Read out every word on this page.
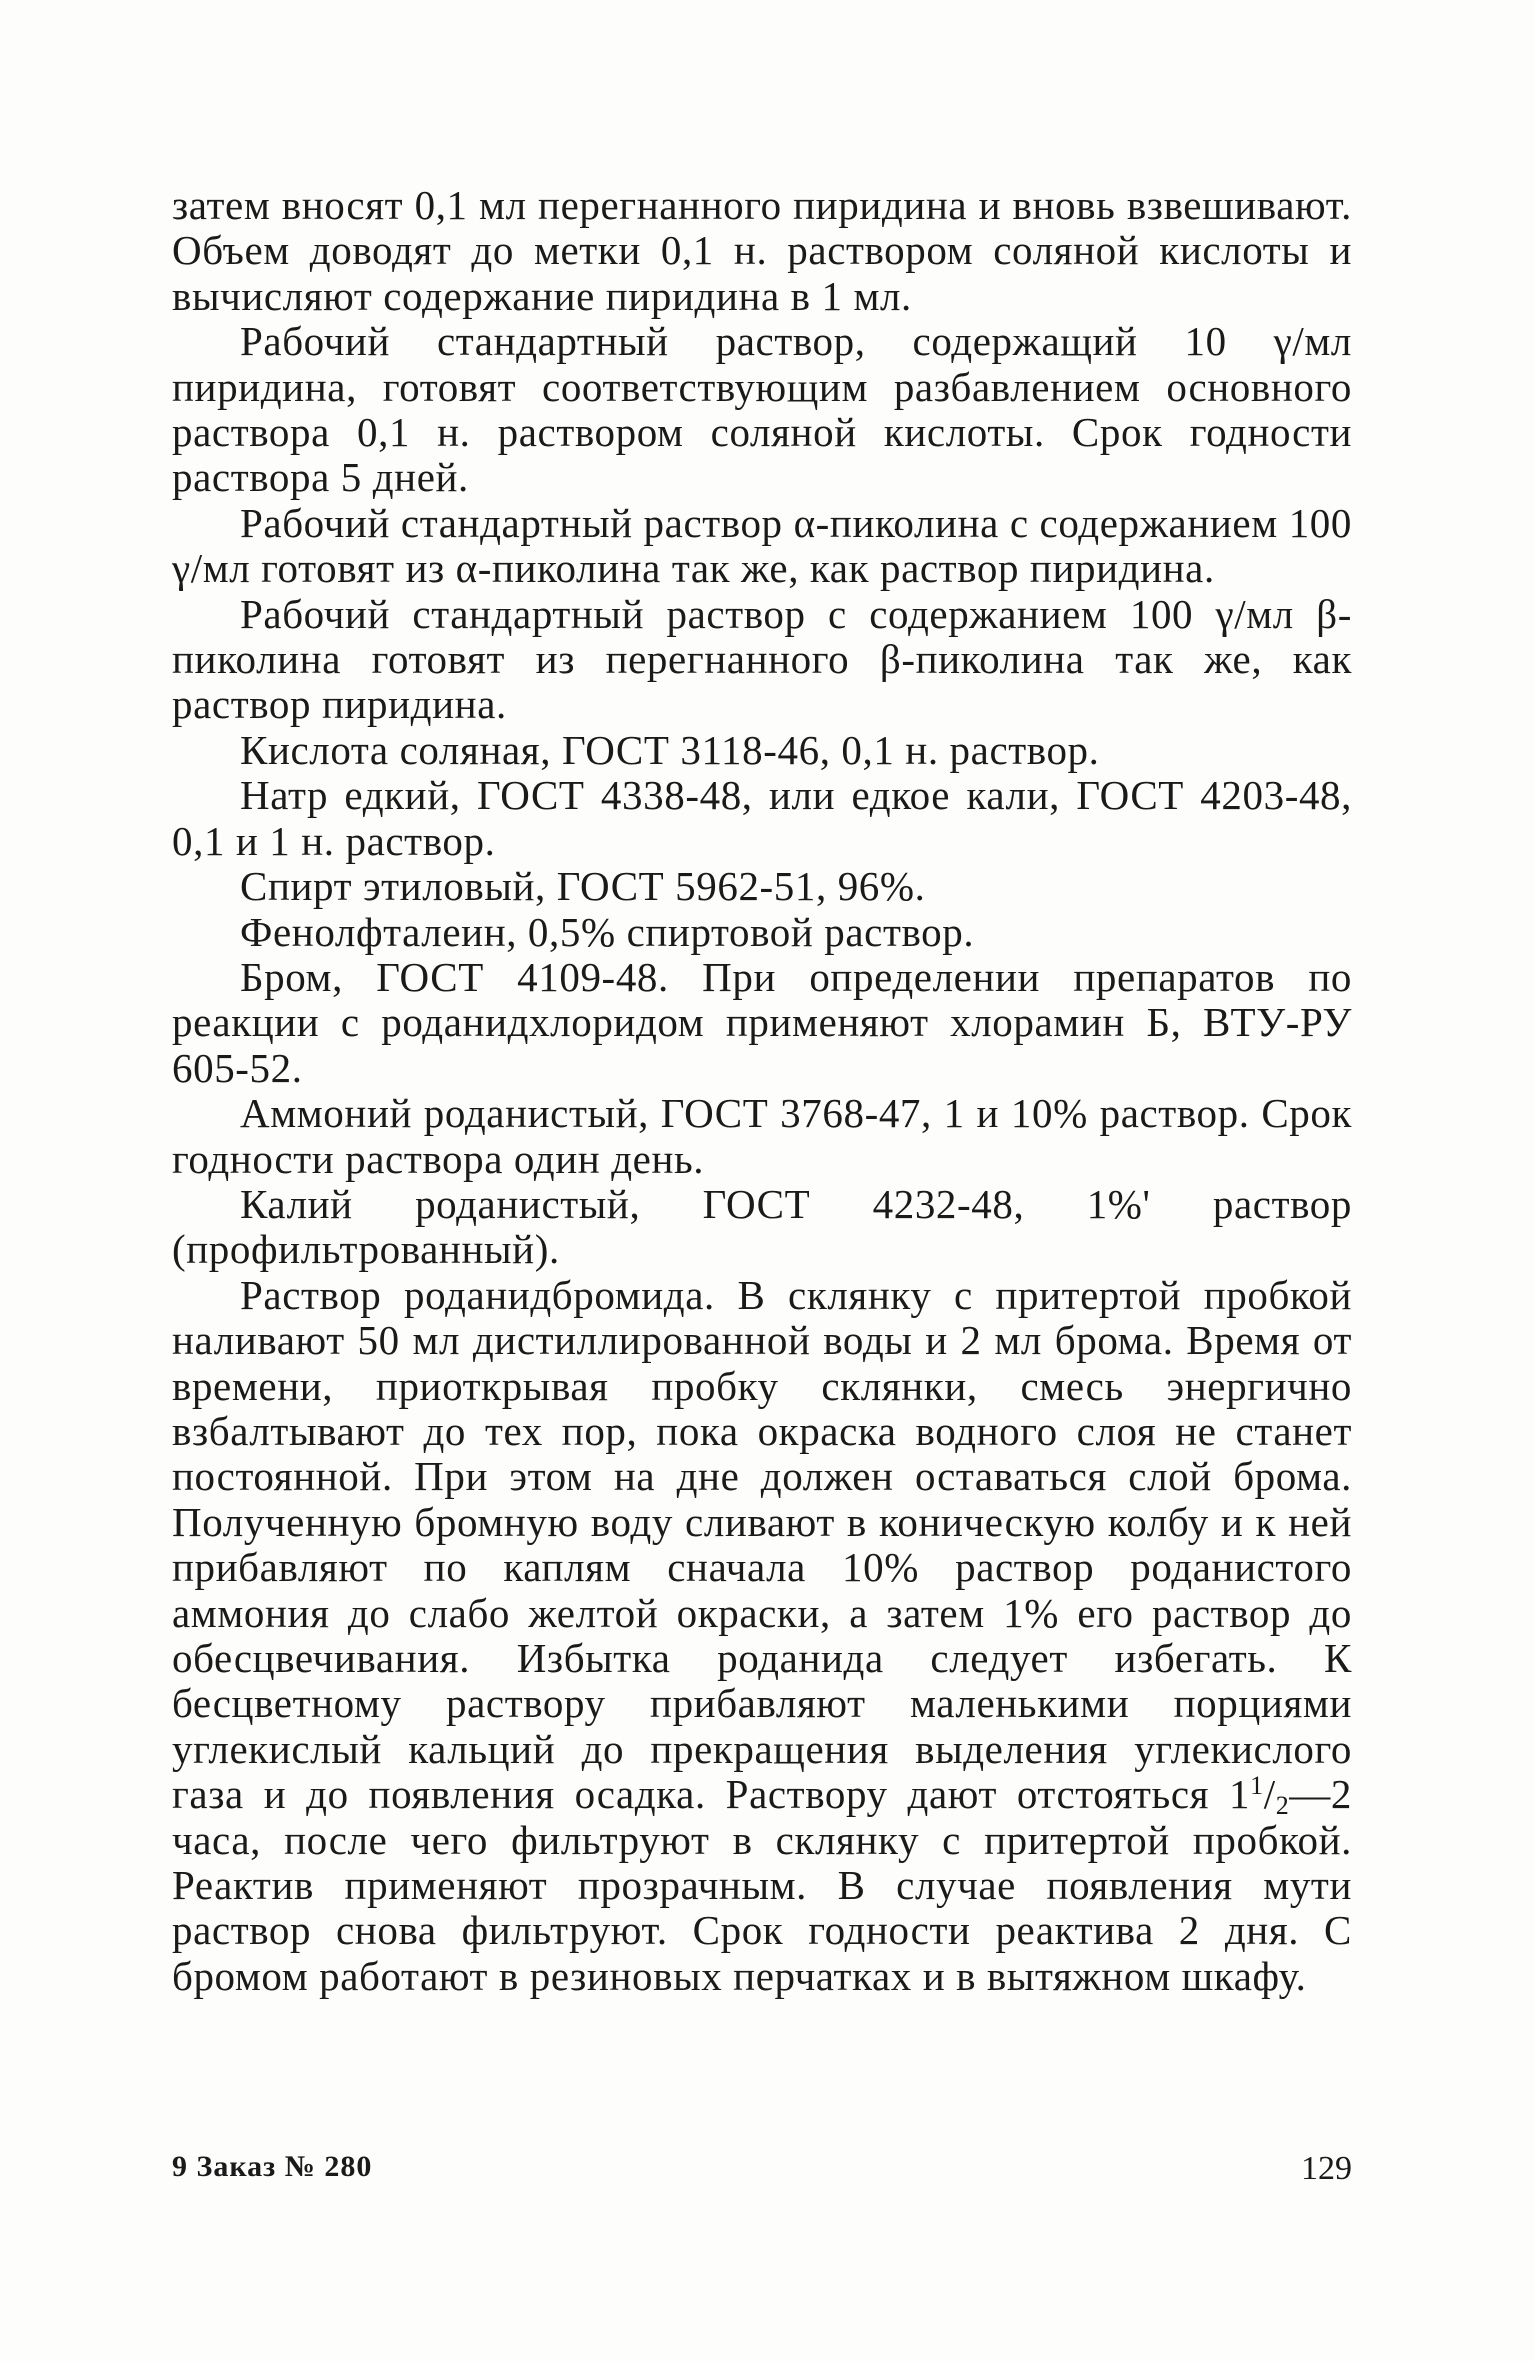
затем вносят 0,1 мл перегнанного пиридина и вновь взвешивают. Объем доводят до метки 0,1 н. раствором соляной кислоты и вычисляют содержание пиридина в 1 мл.

Рабочий стандартный раствор, содержащий 10 γ/мл пиридина, готовят соответствующим разбавлением основного раствора 0,1 н. раствором соляной кислоты. Срок годности раствора 5 дней.

Рабочий стандартный раствор α-пиколина с содержанием 100 γ/мл готовят из α-пиколина так же, как раствор пиридина.

Рабочий стандартный раствор с содержанием 100 γ/мл β-пиколина готовят из перегнанного β-пиколина так же, как раствор пиридина.

Кислота соляная, ГОСТ 3118-46, 0,1 н. раствор.

Натр едкий, ГОСТ 4338-48, или едкое кали, ГОСТ 4203-48, 0,1 и 1 н. раствор.

Спирт этиловый, ГОСТ 5962-51, 96%.

Фенолфталеин, 0,5% спиртовой раствор.

Бром, ГОСТ 4109-48. При определении препаратов по реакции с роданидхлоридом применяют хлорамин Б, ВТУ-РУ 605-52.

Аммоний роданистый, ГОСТ 3768-47, 1 и 10% раствор. Срок годности раствора один день.

Калий роданистый, ГОСТ 4232-48, 1%' раствор (профильтрованный).

Раствор роданидбромида. В склянку с притертой пробкой наливают 50 мл дистиллированной воды и 2 мл брома. Время от времени, приоткрывая пробку склянки, смесь энергично взбалтывают до тех пор, пока окраска водного слоя не станет постоянной. При этом на дне должен оставаться слой брома. Полученную бромную воду сливают в коническую колбу и к ней прибавляют по каплям сначала 10% раствор роданистого аммония до слабо желтой окраски, а затем 1% его раствор до обесцвечивания. Избытка роданида следует избегать. К бесцветному раствору прибавляют маленькими порциями углекислый кальций до прекращения выделения углекислого газа и до появления осадка. Раствору дают отстояться $1^1/_2—2$ часа, после чего фильтруют в склянку с притертой пробкой. Реактив применяют прозрачным. В случае появления мути раствор снова фильтруют. Срок годности реактива 2 дня. С бромом работают в резиновых перчатках и в вытяжном шкафу.

9 Заказ № 280	129
